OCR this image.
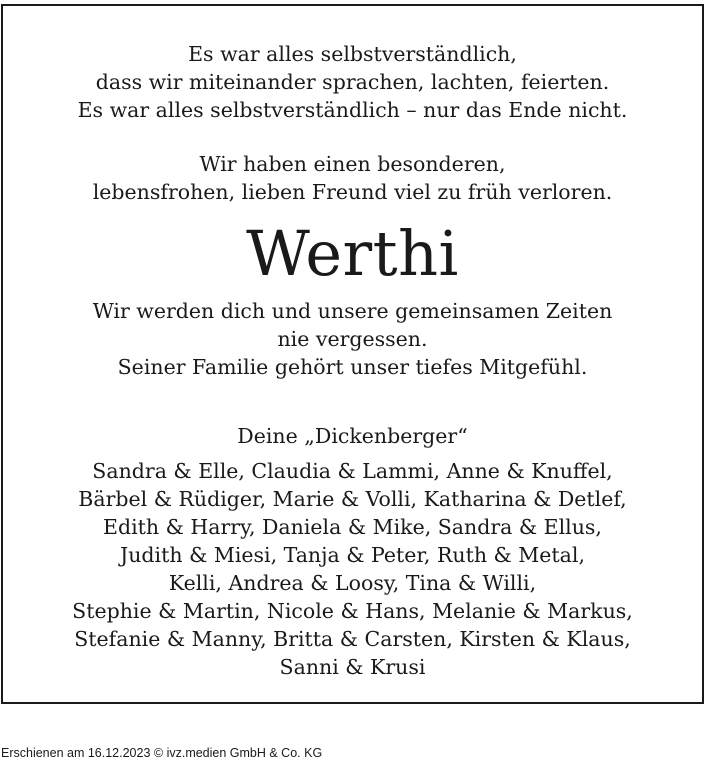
Es war alles selbstverständlich,
dass wir miteinander sprachen, lachten, feierten.
Es war alles selbstverständlich – nur das Ende nicht.
Wir haben einen besonderen,
lebensfrohen, lieben Freund viel zu früh verloren.
Werthi
Wir werden dich und unsere gemeinsamen Zeiten
nie vergessen.
Seiner Familie gehört unser tiefes Mitgefühl.
Deine „Dickenberger“
Sandra & Elle, Claudia & Lammi, Anne & Knuffel,
Bärbel & Rüdiger, Marie & Volli, Katharina & Detlef,
Edith & Harry, Daniela & Mike, Sandra & Ellus,
Judith & Miesi, Tanja & Peter, Ruth & Metal,
Kelli, Andrea & Loosy, Tina & Willi,
Stephie & Martin, Nicole & Hans, Melanie & Markus,
Stefanie & Manny, Britta & Carsten, Kirsten & Klaus,
Sanni & Krusi
Erschienen am 16.12.2023 © ivz.medien GmbH & Co. KG
